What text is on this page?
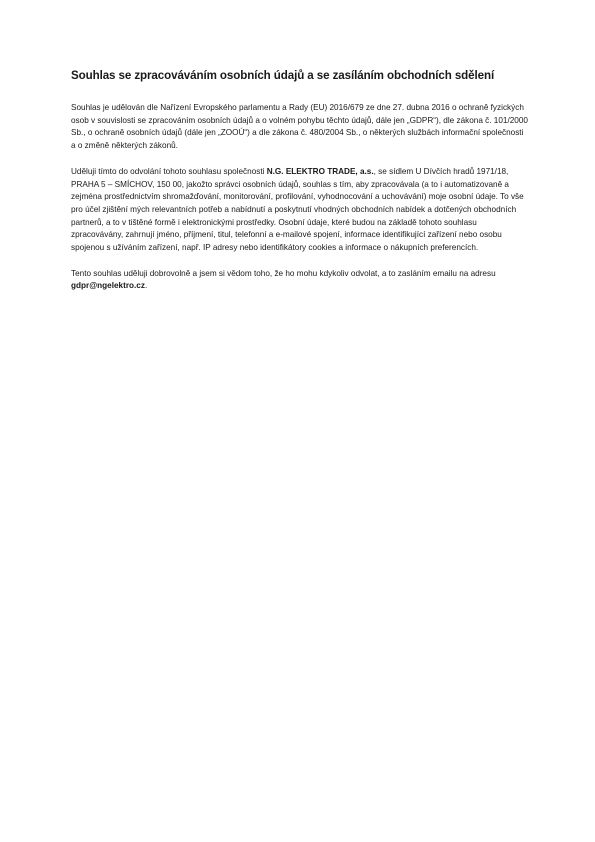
Souhlas se zpracováváním osobních údajů a se zasíláním obchodních sdělení

Souhlas je udělován dle Nařízení Evropského parlamentu a Rady (EU) 2016/679 ze dne 27. dubna 2016 o ochraně fyzických osob v souvislosti se zpracováním osobních údajů a o volném pohybu těchto údajů, dále jen „GDPR“), dle zákona č. 101/2000 Sb., o ochraně osobních údajů (dále jen „ZOOÚ“) a dle zákona č. 480/2004 Sb., o některých službách informační společnosti a o změně některých zákonů.

Uděluji tímto do odvolání tohoto souhlasu společnosti N.G. ELEKTRO TRADE, a.s., se sídlem U Dívčích hradů 1971/18, PRAHA 5 – SMÍCHOV, 150 00, jakožto správci osobních údajů, souhlas s tím, aby zpracovávala (a to i automatizovaně a zejména prostřednictvím shromažďování, monitorování, profilování, vyhodnocování a uchovávání) moje osobní údaje. To vše pro účel zjištění mých relevantních potřeb a nabídnutí a poskytnutí vhodných obchodních nabídek a dotčených obchodních partnerů, a to v tištěné formě i elektronickými prostředky. Osobní údaje, které budou na základě tohoto souhlasu zpracovávány, zahrnují jméno, příjmení, titul, telefonní a e-mailové spojení, informace identifikující zařízení nebo osobu spojenou s užíváním zařízení, např. IP adresy nebo identifikátory cookies a informace o nákupních preferencích.

Tento souhlas uděluji dobrovolně a jsem si vědom toho, že ho mohu kdykoliv odvolat, a to zasláním emailu na adresu gdpr@ngelektro.cz.
